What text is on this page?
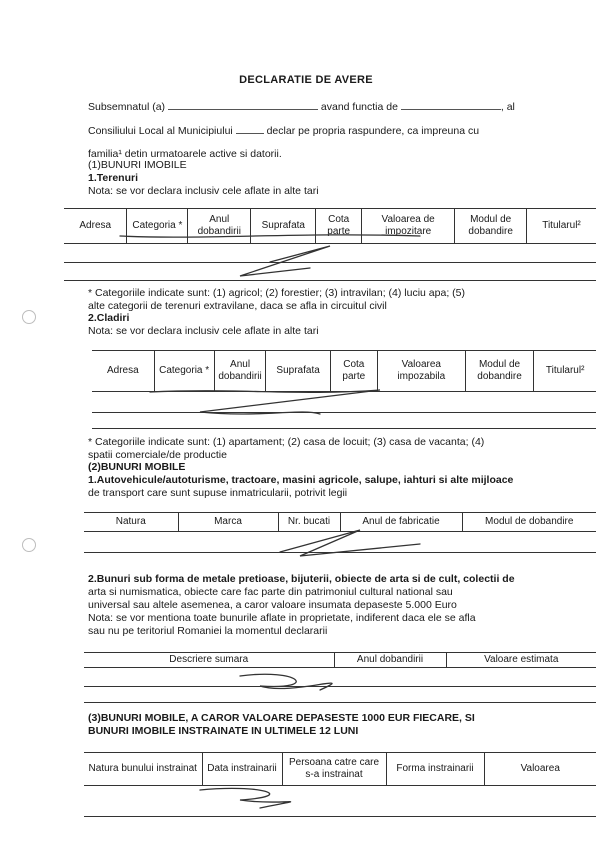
DECLARATIE DE AVERE
Subsemnatul (a)	avand functia de	, al
Consiliului Local al Municipiului	declar pe propria raspundere, ca impreuna cu
familia¹ detin urmatoarele active si datorii.
(1)BUNURI IMOBILE
1.Terenuri
Nota: se vor declara inclusiv cele aflate in alte tari
Adresa	Categoria *	Anul dobandirii	Suprafata	Cota parte	Valoarea de impozitare	Modul de dobandire	Titularul²
* Categoriile indicate sunt: (1) agricol; (2) forestier; (3) intravilan; (4) luciu apa; (5)
alte categorii de terenuri extravilane, daca se afla in circuitul civil
2.Cladiri
Nota: se vor declara inclusiv cele aflate in alte tari
Adresa	Categoria *	Anul dobandirii	Suprafata	Cota parte	Valoarea impozabila	Modul de dobandire	Titularul²
* Categoriile indicate sunt: (1) apartament; (2) casa de locuit; (3) casa de vacanta; (4)
spatii comerciale/de productie
(2)BUNURI MOBILE
1.Autovehicule/autoturisme, tractoare, masini agricole, salupe, iahturi si alte mijloace
de transport care sunt supuse inmatricularii, potrivit legii
Natura	Marca	Nr. bucati	Anul de fabricatie	Modul de dobandire
2.Bunuri sub forma de metale pretioase, bijuterii, obiecte de arta si de cult, colectii de
arta si numismatica, obiecte care fac parte din patrimoniul cultural national sau
universal sau altele asemenea, a caror valoare insumata depaseste 5.000 Euro
Nota: se vor mentiona toate bunurile aflate in proprietate, indiferent daca ele se afla
sau nu pe teritoriul Romaniei la momentul declararii
Descriere sumara	Anul dobandirii	Valoare estimata
(3)BUNURI MOBILE, A CAROR VALOARE DEPASESTE 1000 EUR FIECARE, SI
BUNURI IMOBILE INSTRAINATE IN ULTIMELE 12 LUNI
Natura bunului instrainat	Data instrainarii	Persoana catre care s-a instrainat	Forma instrainarii	Valoarea
